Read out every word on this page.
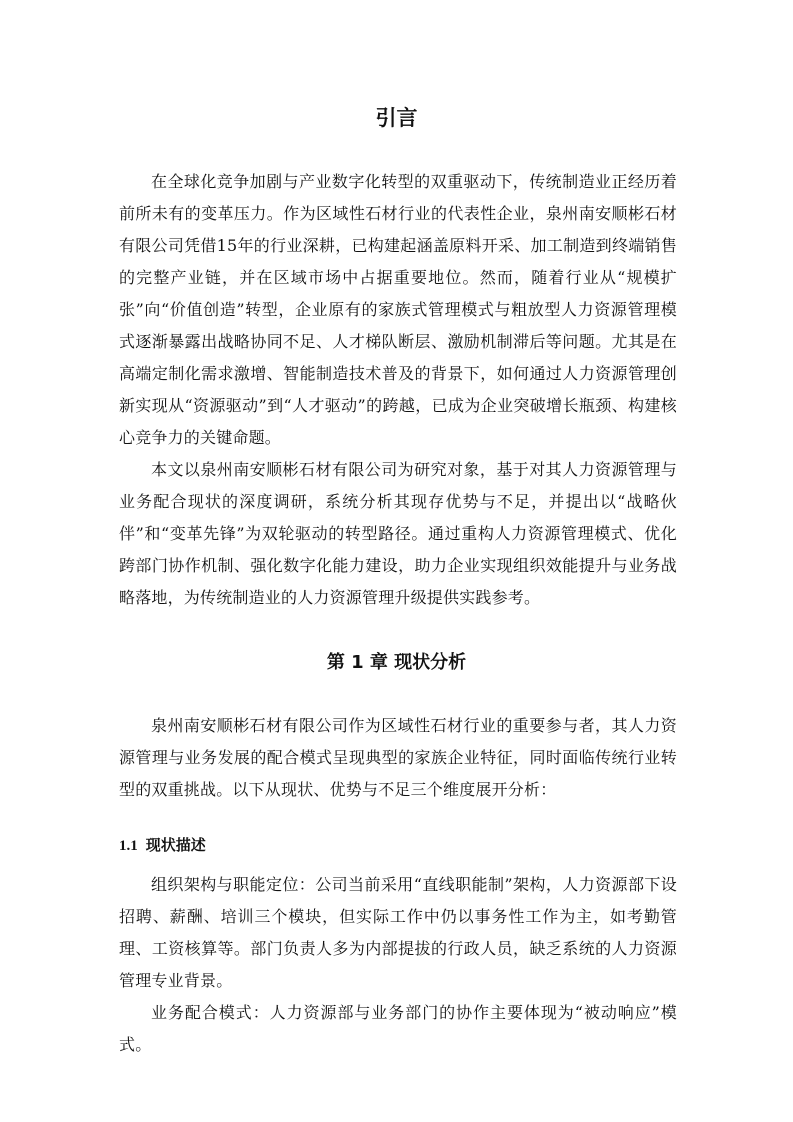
引言

在全球化竞争加剧与产业数字化转型的双重驱动下，传统制造业正经历着前所未有的变革压力。作为区域性石材行业的代表性企业，泉州南安顺彬石材有限公司凭借15年的行业深耕，已构建起涵盖原料开采、加工制造到终端销售的完整产业链，并在区域市场中占据重要地位。然而，随着行业从“规模扩张”向“价值创造”转型，企业原有的家族式管理模式与粗放型人力资源管理模式逐渐暴露出战略协同不足、人才梯队断层、激励机制滞后等问题。尤其是在高端定制化需求激增、智能制造技术普及的背景下，如何通过人力资源管理创新实现从“资源驱动”到“人才驱动”的跨越，已成为企业突破增长瓶颈、构建核心竞争力的关键命题。

本文以泉州南安顺彬石材有限公司为研究对象，基于对其人力资源管理与业务配合现状的深度调研，系统分析其现存优势与不足，并提出以“战略伙伴”和“变革先锋”为双轮驱动的转型路径。通过重构人力资源管理模式、优化跨部门协作机制、强化数字化能力建设，助力企业实现组织效能提升与业务战略落地，为传统制造业的人力资源管理升级提供实践参考。

第 1 章 现状分析

泉州南安顺彬石材有限公司作为区域性石材行业的重要参与者，其人力资源管理与业务发展的配合模式呈现典型的家族企业特征，同时面临传统行业转型的双重挑战。以下从现状、优势与不足三个维度展开分析：

1.1 现状描述

组织架构与职能定位：公司当前采用“直线职能制”架构，人力资源部下设招聘、薪酬、培训三个模块，但实际工作中仍以事务性工作为主，如考勤管理、工资核算等。部门负责人多为内部提拔的行政人员，缺乏系统的人力资源管理专业背景。

业务配合模式：人力资源部与业务部门的协作主要体现为“被动响应”模式。
